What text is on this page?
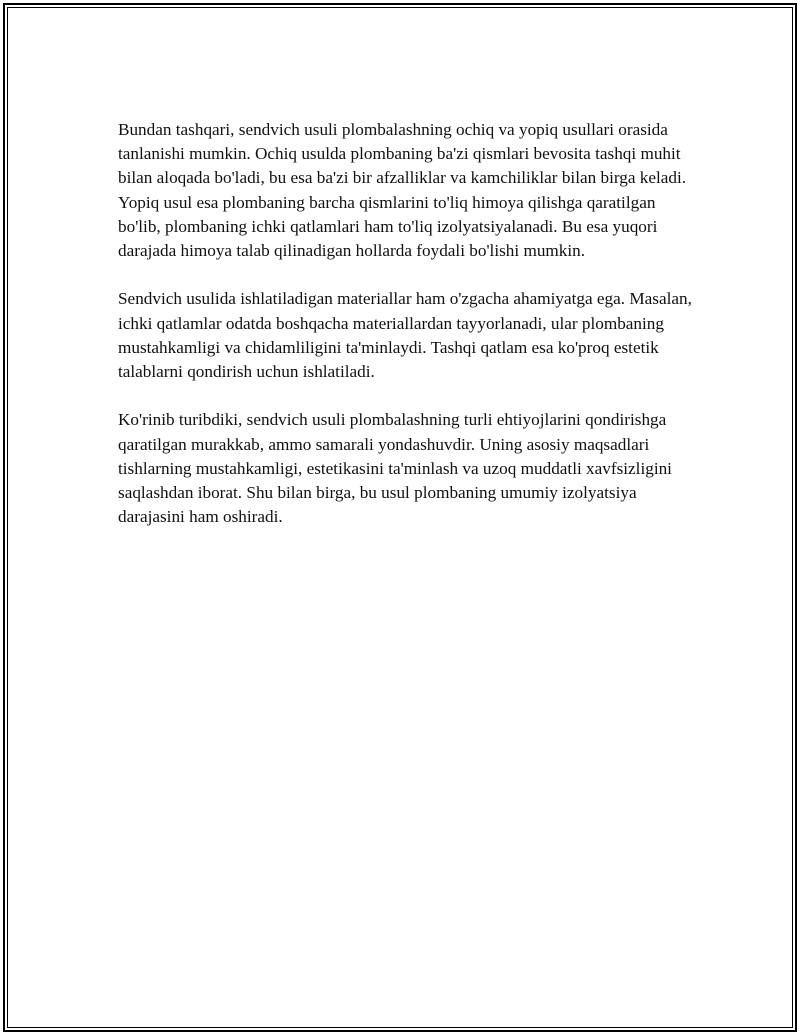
Bundan tashqari, sendvich usuli plombalashning ochiq va yopiq usullari orasida tanlanishi mumkin. Ochiq usulda plombaning ba'zi qismlari bevosita tashqi muhit bilan aloqada bo'ladi, bu esa ba'zi bir afzalliklar va kamchiliklar bilan birga keladi. Yopiq usul esa plombaning barcha qismlarini to'liq himoya qilishga qaratilgan bo'lib, plombaning ichki qatlamlari ham to'liq izolyatsiyalanadi. Bu esa yuqori darajada himoya talab qilinadigan hollarda foydali bo'lishi mumkin.

Sendvich usulida ishlatiladigan materiallar ham o'zgacha ahamiyatga ega. Masalan, ichki qatlamlar odatda boshqacha materiallardan tayyorlanadi, ular plombaning mustahkamligi va chidamliligini ta'minlaydi. Tashqi qatlam esa ko'proq estetik talablarni qondirish uchun ishlatiladi.

Ko'rinib turibdiki, sendvich usuli plombalashning turli ehtiyojlarini qondirishga qaratilgan murakkab, ammo samarali yondashuvdir. Uning asosiy maqsadlari tishlarning mustahkamligi, estetikasini ta'minlash va uzoq muddatli xavfsizligini saqlashdan iborat. Shu bilan birga, bu usul plombaning umumiy izolyatsiya darajasini ham oshiradi.
